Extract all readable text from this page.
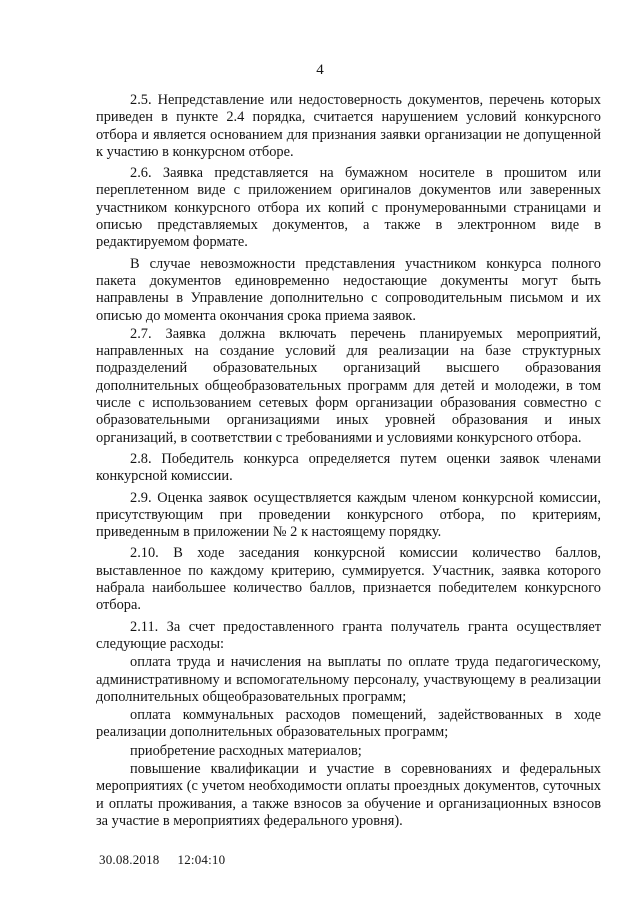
4

2.5. Непредставление или недостоверность документов, перечень которых приведен в пункте 2.4 порядка, считается нарушением условий конкурсного отбора и является основанием для признания заявки организации не допущенной к участию в конкурсном отборе.

2.6. Заявка представляется на бумажном носителе в прошитом или переплетенном виде с приложением оригиналов документов или заверенных участником конкурсного отбора их копий с пронумерованными страницами и описью представляемых документов, а также в электронном виде в редактируемом формате.

В случае невозможности представления участником конкурса полного пакета документов единовременно недостающие документы могут быть направлены в Управление дополнительно с сопроводительным письмом и их описью до момента окончания срока приема заявок.

2.7. Заявка должна включать перечень планируемых мероприятий, направленных на создание условий для реализации на базе структурных подразделений образовательных организаций высшего образования дополнительных общеобразовательных программ для детей и молодежи, в том числе с использованием сетевых форм организации образования совместно с образовательными организациями иных уровней образования и иных организаций, в соответствии с требованиями и условиями конкурсного отбора.

2.8. Победитель конкурса определяется путем оценки заявок членами конкурсной комиссии.

2.9. Оценка заявок осуществляется каждым членом конкурсной комиссии, присутствующим при проведении конкурсного отбора, по критериям, приведенным в приложении № 2 к настоящему порядку.

2.10. В ходе заседания конкурсной комиссии количество баллов, выставленное по каждому критерию, суммируется. Участник, заявка которого набрала наибольшее количество баллов, признается победителем конкурсного отбора.

2.11. За счет предоставленного гранта получатель гранта осуществляет следующие расходы:

оплата труда и начисления на выплаты по оплате труда педагогическому, административному и вспомогательному персоналу, участвующему в реализации дополнительных общеобразовательных программ;

оплата коммунальных расходов помещений, задействованных в ходе реализации дополнительных образовательных программ;

приобретение расходных материалов;

повышение квалификации и участие в соревнованиях и федеральных мероприятиях (с учетом необходимости оплаты проездных документов, суточных и оплаты проживания, а также взносов за обучение и организационных взносов за участие в мероприятиях федерального уровня).

30.08.2018 12:04:10
